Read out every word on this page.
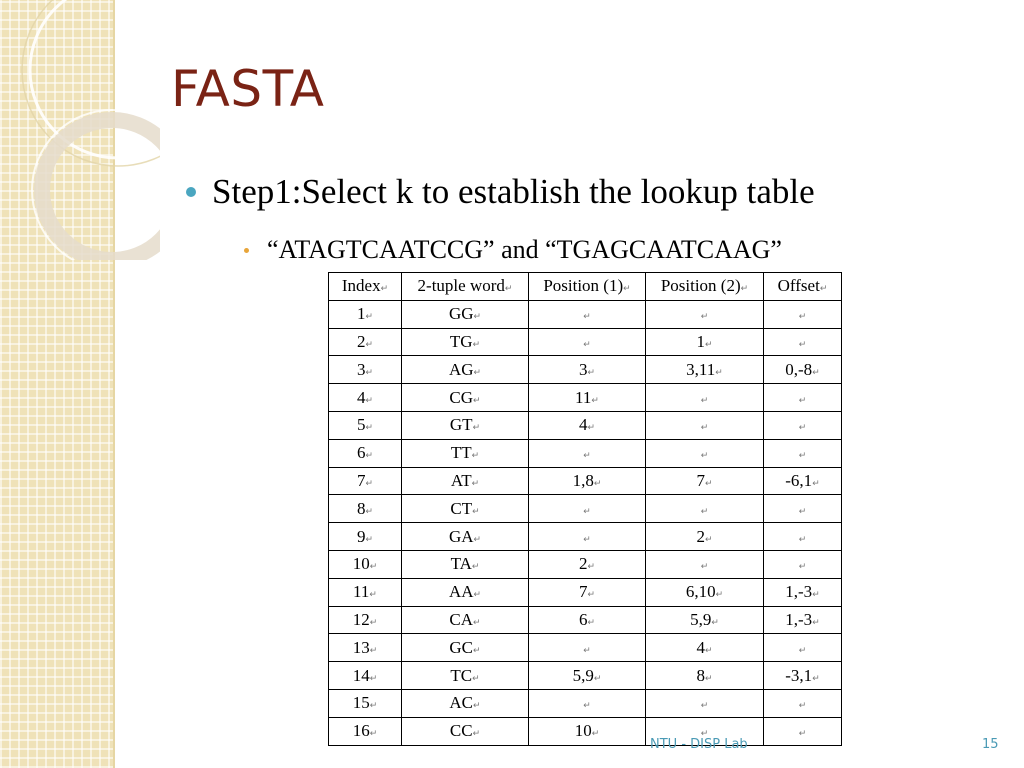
FASTA
Step1:Select k to establish the lookup table
“ATAGTCAATCCG” and “TGAGCAATCAAG”
Index↵	2-tuple word↵	Position (1)↵	Position (2)↵	Offset↵
1↵	GG↵	↵	↵	↵
2↵	TG↵	↵	1↵	↵
3↵	AG↵	3↵	3,11↵	0,-8↵
4↵	CG↵	11↵	↵	↵
5↵	GT↵	4↵	↵	↵
6↵	TT↵	↵	↵	↵
7↵	AT↵	1,8↵	7↵	-6,1↵
8↵	CT↵	↵	↵	↵
9↵	GA↵	↵	2↵	↵
10↵	TA↵	2↵	↵	↵
11↵	AA↵	7↵	6,10↵	1,-3↵
12↵	CA↵	6↵	5,9↵	1,-3↵
13↵	GC↵	↵	4↵	↵
14↵	TC↵	5,9↵	8↵	-3,1↵
15↵	AC↵	↵	↵	↵
16↵	CC↵	10↵	↵	↵
NTU - DISP Lab	15
